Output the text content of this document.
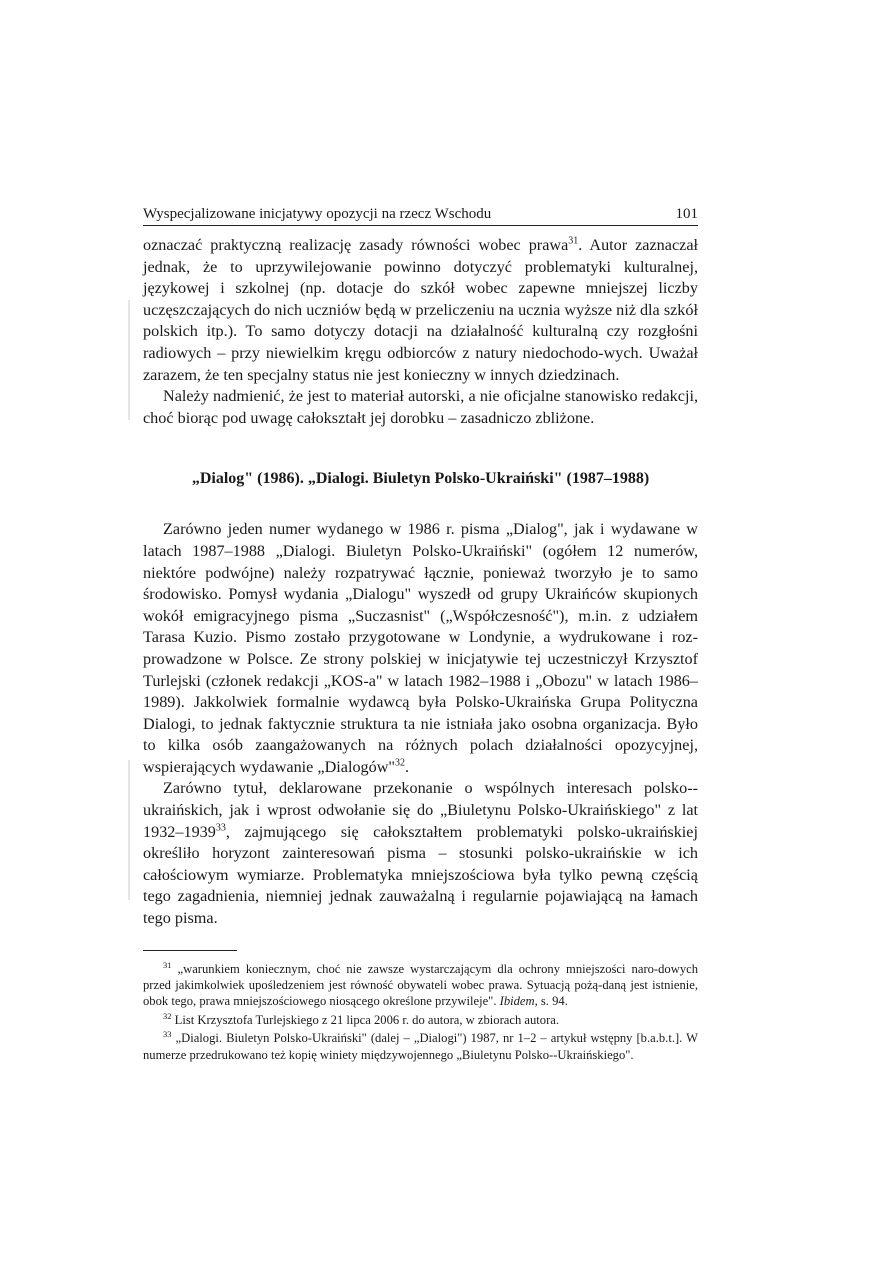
Wyspecjalizowane inicjatywy opozycji na rzecz Wschodu	101

oznaczać praktyczną realizację zasady równości wobec prawa$^{31}$. Autor zaznaczał jednak, że to uprzywilejowanie powinno dotyczyć problematyki kulturalnej, językowej i szkolnej (np. dotacje do szkół wobec zapewne mniejszej liczby uczęszczających do nich uczniów będą w przeliczeniu na ucznia wyższe niż dla szkół polskich itp.). To samo dotyczy dotacji na działalność kulturalną czy rozgłośni radiowych – przy niewielkim kręgu odbiorców z natury niedochodo-wych. Uważał zarazem, że ten specjalny status nie jest konieczny w innych dziedzinach.

Należy nadmienić, że jest to materiał autorski, a nie oficjalne stanowisko redakcji, choć biorąc pod uwagę całokształt jej dorobku – zasadniczo zbliżone.

„Dialog" (1986). „Dialogi. Biuletyn Polsko-Ukraiński" (1987–1988)

Zarówno jeden numer wydanego w 1986 r. pisma „Dialog", jak i wydawane w latach 1987–1988 „Dialogi. Biuletyn Polsko-Ukraiński" (ogółem 12 numerów, niektóre podwójne) należy rozpatrywać łącznie, ponieważ tworzyło je to samo środowisko. Pomysł wydania „Dialogu" wyszedł od grupy Ukraińców skupionych wokół emigracyjnego pisma „Suczasnist" („Współczesność"), m.in. z udziałem Tarasa Kuzio. Pismo zostało przygotowane w Londynie, a wydrukowane i roz-prowadzone w Polsce. Ze strony polskiej w inicjatywie tej uczestniczył Krzysztof Turlejski (członek redakcji „KOS-a" w latach 1982–1988 i „Obozu" w latach 1986–1989). Jakkolwiek formalnie wydawcą była Polsko-Ukraińska Grupa Polityczna Dialogi, to jednak faktycznie struktura ta nie istniała jako osobna organizacja. Było to kilka osób zaangażowanych na różnych polach działalności opozycyjnej, wspierających wydawanie „Dialogów"$^{32}$.

Zarówno tytuł, deklarowane przekonanie o wspólnych interesach polsko--ukraińskich, jak i wprost odwołanie się do „Biuletynu Polsko-Ukraińskiego" z lat 1932–1939$^{33}$, zajmującego się całokształtem problematyki polsko-ukraińskiej określiło horyzont zainteresowań pisma – stosunki polsko-ukraińskie w ich całościowym wymiarze. Problematyka mniejszościowa była tylko pewną częścią tego zagadnienia, niemniej jednak zauważalną i regularnie pojawiającą na łamach tego pisma.

$^{31}$ „warunkiem koniecznym, choć nie zawsze wystarczającym dla ochrony mniejszości naro-dowych przed jakimkolwiek upośledzeniem jest równość obywateli wobec prawa. Sytuacją pożą-daną jest istnienie, obok tego, prawa mniejszościowego niosącego określone przywileje". Ibidem, s. 94.

$^{32}$ List Krzysztofa Turlejskiego z 21 lipca 2006 r. do autora, w zbiorach autora.

$^{33}$ „Dialogi. Biuletyn Polsko-Ukraiński" (dalej – „Dialogi") 1987, nr 1–2 – artykuł wstępny [b.a.b.t.]. W numerze przedrukowano też kopię winiety międzywojennego „Biuletynu Polsko--Ukraińskiego".
